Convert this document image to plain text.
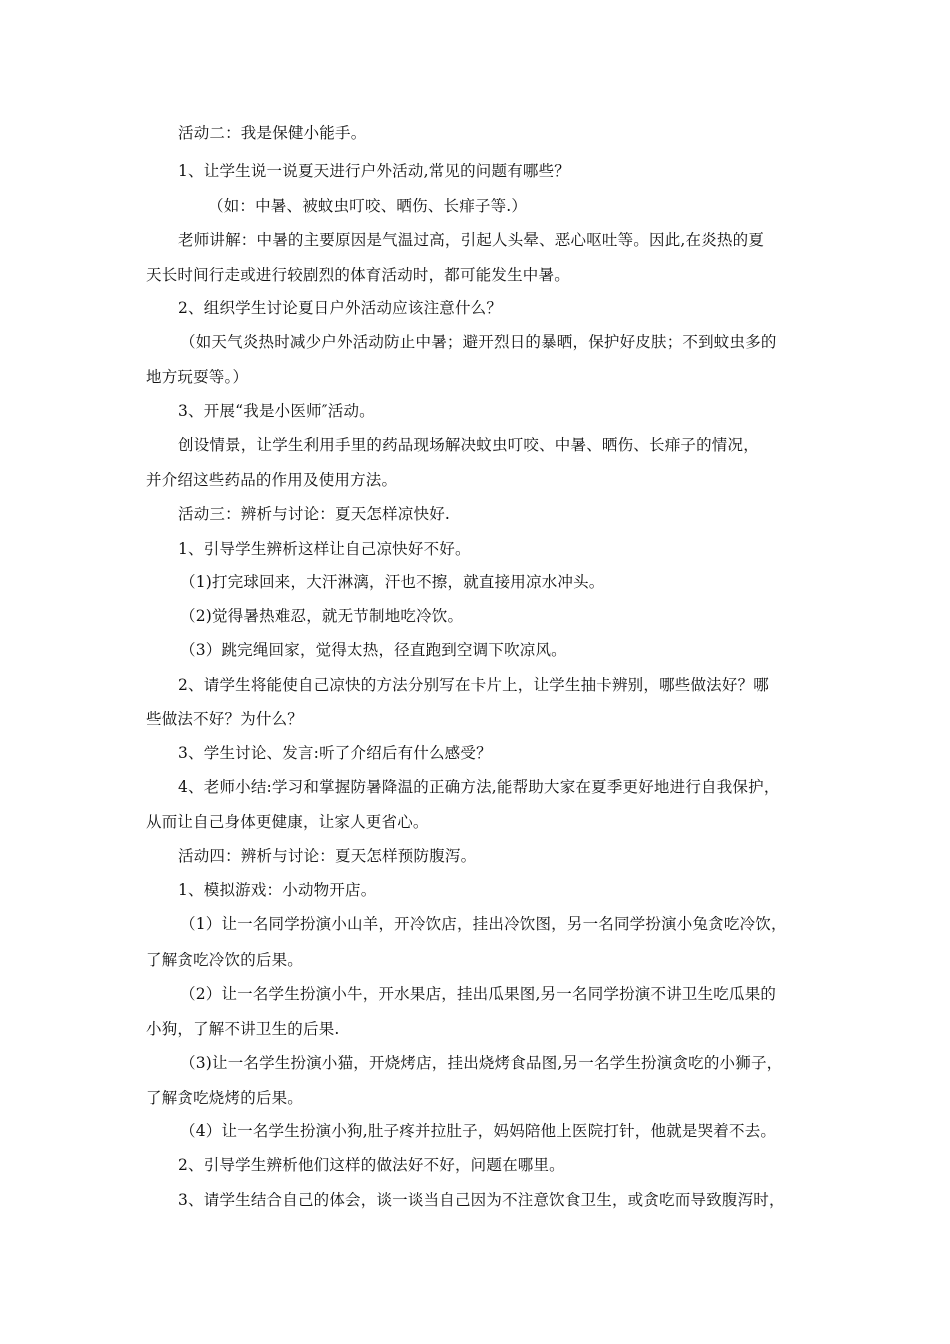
活动二：我是保健小能手。
1、让学生说一说夏天进行户外活动,常见的问题有哪些？
（如：中暑、被蚊虫叮咬、晒伤、长痱子等.）
老师讲解：中暑的主要原因是气温过高，引起人头晕、恶心呕吐等。因此,在炎热的夏
天长时间行走或进行较剧烈的体育活动时，都可能发生中暑。
2、组织学生讨论夏日户外活动应该注意什么？
（如天气炎热时减少户外活动防止中暑；避开烈日的暴晒，保护好皮肤；不到蚊虫多的
地方玩耍等。）
3、开展“我是小医师″活动。
创设情景，让学生利用手里的药品现场解决蚊虫叮咬、中暑、晒伤、长痱子的情况，
并介绍这些药品的作用及使用方法。
活动三：辨析与讨论：夏天怎样凉快好.
1、引导学生辨析这样让自己凉快好不好。
（1)打完球回来，大汗淋漓，汗也不擦，就直接用凉水冲头。
（2)觉得暑热难忍，就无节制地吃冷饮。
（3）跳完绳回家，觉得太热，径直跑到空调下吹凉风。
2、请学生将能使自己凉快的方法分别写在卡片上，让学生抽卡辨别，哪些做法好？哪
些做法不好？为什么？
3、学生讨论、发言:听了介绍后有什么感受？
4、老师小结:学习和掌握防暑降温的正确方法,能帮助大家在夏季更好地进行自我保护，
从而让自己身体更健康，让家人更省心。
活动四：辨析与讨论：夏天怎样预防腹泻。
1、模拟游戏：小动物开店。
（1）让一名同学扮演小山羊，开冷饮店，挂出冷饮图，另一名同学扮演小兔贪吃冷饮，
了解贪吃冷饮的后果。
（2）让一名学生扮演小牛，开水果店，挂出瓜果图,另一名同学扮演不讲卫生吃瓜果的
小狗，了解不讲卫生的后果.
（3)让一名学生扮演小猫，开烧烤店，挂出烧烤食品图,另一名学生扮演贪吃的小狮子，
了解贪吃烧烤的后果。
（4）让一名学生扮演小狗,肚子疼并拉肚子，妈妈陪他上医院打针，他就是哭着不去。
2、引导学生辨析他们这样的做法好不好，问题在哪里。
3、请学生结合自己的体会，谈一谈当自己因为不注意饮食卫生，或贪吃而导致腹泻时，
